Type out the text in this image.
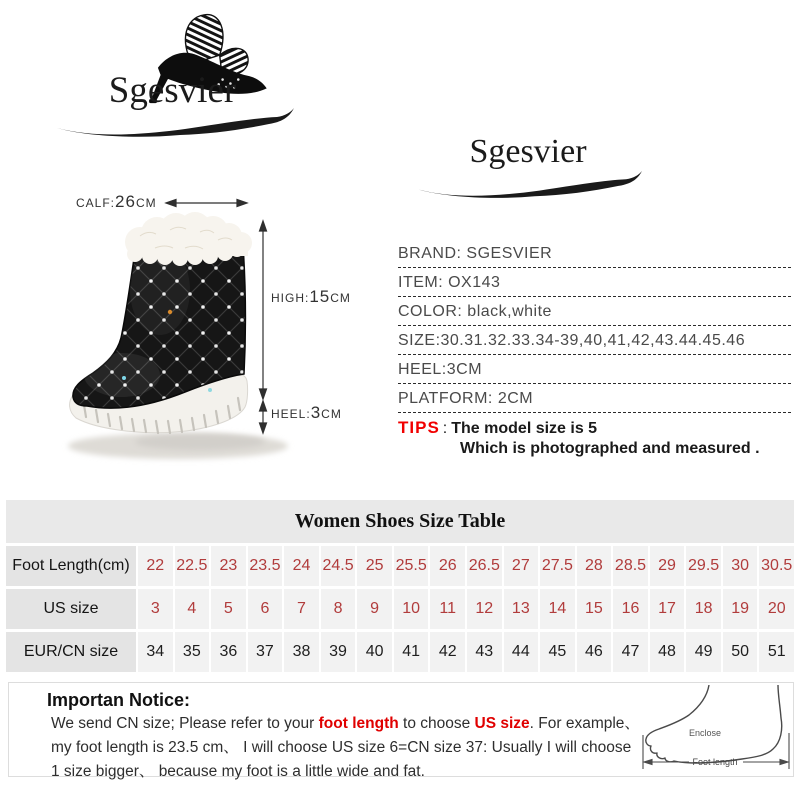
Sgesvier
Sgesvier
CALF:26CM
HIGH:15CM
HEEL:3CM
BRAND: SGESVIER
ITEM: OX143
COLOR: black,white
SIZE:30.31.32.33.34-39,40,41,42,43.44.45.46
HEEL:3CM
PLATFORM: 2CM
TIPS : The model size is 5
Which is photographed and measured .
Women Shoes Size Table
Foot Length(cm)	22 22.5 23 23.5 24 24.5 25 25.5 26 26.5 27 27.5 28 28.5 29 29.5 30 30.5
US size	3	4	5	6	7	8	9	10	11	12	13	14	15	16	17	18	19	20
EUR/CN size	34	35	36	37	38	39	40	41	42	43	44	45	46	47	48	49	50	51
Importan Notice:
We send CN size; Please refer to your foot length to choose US size. For example、
my foot length is 23.5 cm、 I will choose US size 6=CN size 37: Usually I will choose
1 size bigger、 because my foot is a little wide and fat.
Enclose
Foot length
